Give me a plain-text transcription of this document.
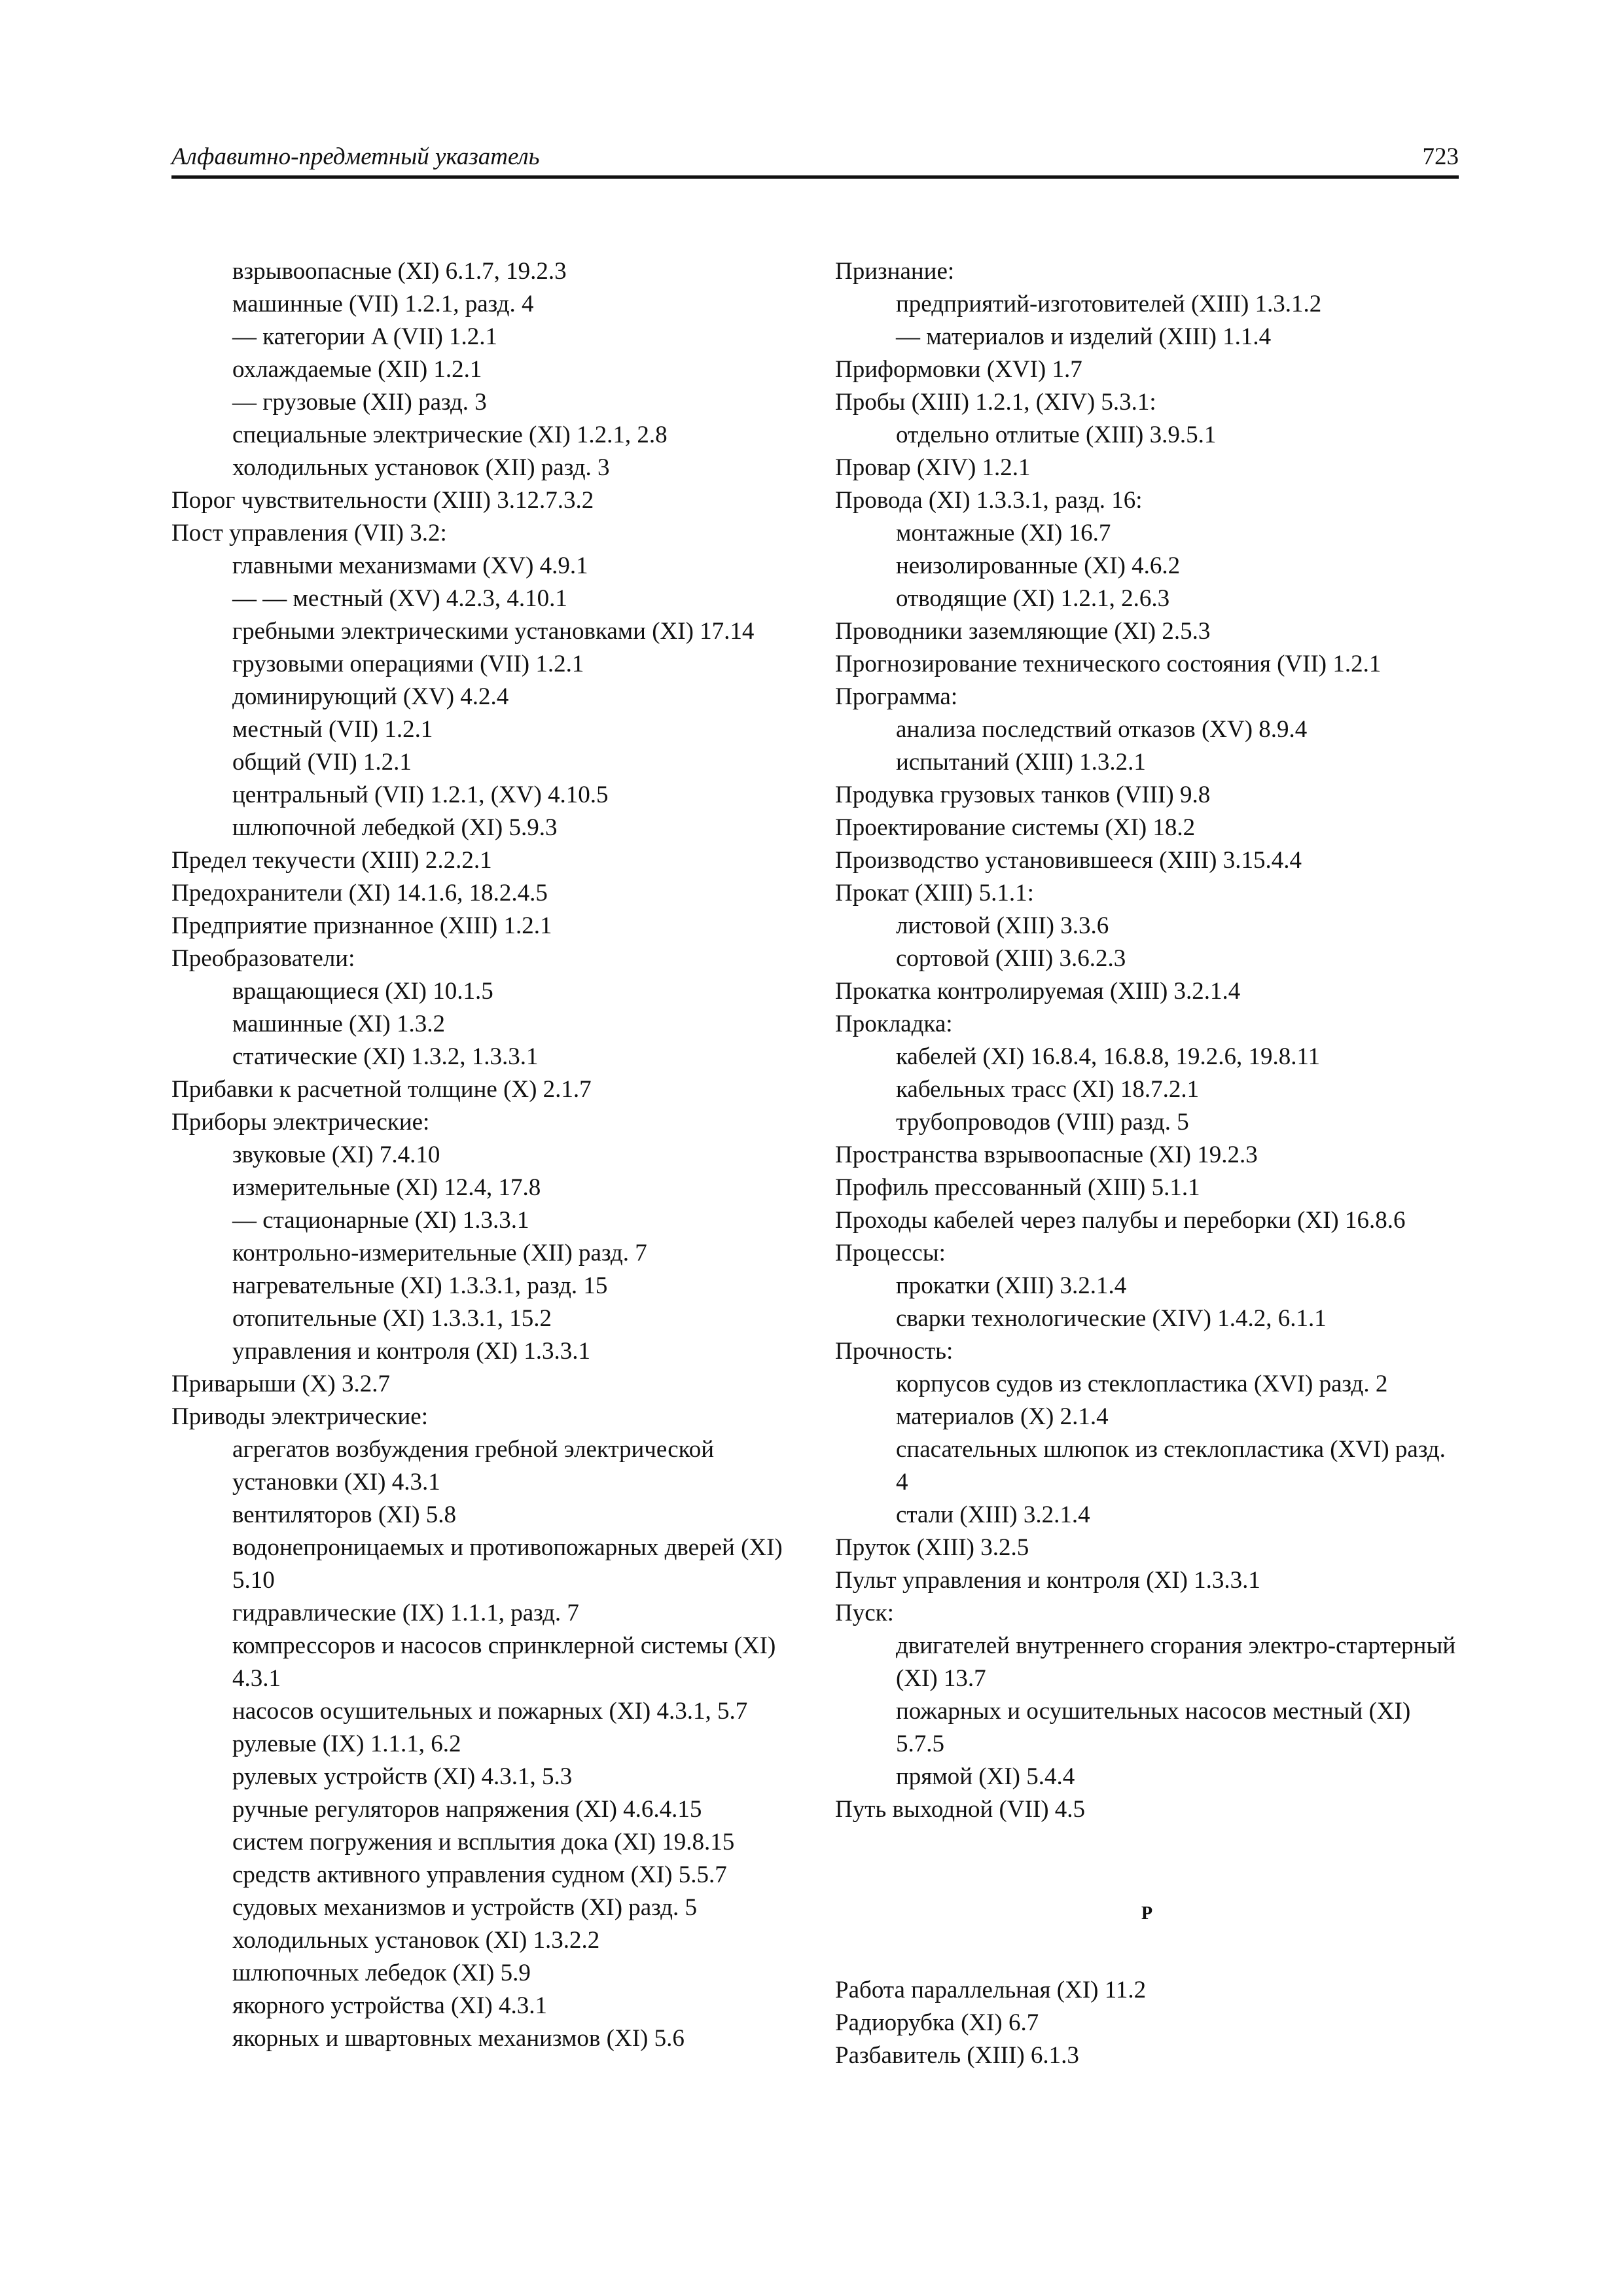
Алфавитно-предметный указатель	723

взрывоопасные (XI) 6.1.7, 19.2.3

машинные (VII) 1.2.1, разд. 4

— категории A (VII) 1.2.1

охлаждаемые (XII) 1.2.1

— грузовые (XII) разд. 3

специальные электрические (XI) 1.2.1, 2.8

холодильных установок (XII) разд. 3

Порог чувствительности (XIII) 3.12.7.3.2

Пост управления (VII) 3.2:

главными механизмами (XV) 4.9.1

— — местный (XV) 4.2.3, 4.10.1

гребными электрическими установками (XI) 17.14

грузовыми операциями (VII) 1.2.1

доминирующий (XV) 4.2.4

местный (VII) 1.2.1

общий (VII) 1.2.1

центральный (VII) 1.2.1, (XV) 4.10.5

шлюпочной лебедкой (XI) 5.9.3

Предел текучести (XIII) 2.2.2.1

Предохранители (XI) 14.1.6, 18.2.4.5

Предприятие признанное (XIII) 1.2.1

Преобразователи:

вращающиеся (XI) 10.1.5

машинные (XI) 1.3.2

статические (XI) 1.3.2, 1.3.3.1

Прибавки к расчетной толщине (X) 2.1.7

Приборы электрические:

звуковые (XI) 7.4.10

измерительные (XI) 12.4, 17.8

— стационарные (XI) 1.3.3.1

контрольно-измерительные (XII) разд. 7

нагревательные (XI) 1.3.3.1, разд. 15

отопительные (XI) 1.3.3.1, 15.2

управления и контроля (XI) 1.3.3.1

Приварыши (X) 3.2.7

Приводы электрические:

агрегатов возбуждения гребной электрической установки (XI) 4.3.1

вентиляторов (XI) 5.8

водонепроницаемых и противопожарных дверей (XI) 5.10

гидравлические (IX) 1.1.1, разд. 7

компрессоров и насосов спринклерной системы (XI) 4.3.1

насосов осушительных и пожарных (XI) 4.3.1, 5.7

рулевые (IX) 1.1.1, 6.2

рулевых устройств (XI) 4.3.1, 5.3

ручные регуляторов напряжения (XI) 4.6.4.15

систем погружения и всплытия дока (XI) 19.8.15

средств активного управления судном (XI) 5.5.7

судовых механизмов и устройств (XI) разд. 5

холодильных установок (XI) 1.3.2.2

шлюпочных лебедок (XI) 5.9

якорного устройства (XI) 4.3.1

якорных и швартовных механизмов (XI) 5.6

Признание:

предприятий-изготовителей (XIII) 1.3.1.2

— материалов и изделий (XIII) 1.1.4

Приформовки (XVI) 1.7

Пробы (XIII) 1.2.1, (XIV) 5.3.1:

отдельно отлитые (XIII) 3.9.5.1

Провар (XIV) 1.2.1

Провода (XI) 1.3.3.1, разд. 16:

монтажные (XI) 16.7

неизолированные (XI) 4.6.2

отводящие (XI) 1.2.1, 2.6.3

Проводники заземляющие (XI) 2.5.3

Прогнозирование технического состояния (VII) 1.2.1

Программа:

анализа последствий отказов (XV) 8.9.4

испытаний (XIII) 1.3.2.1

Продувка грузовых танков (VIII) 9.8

Проектирование системы (XI) 18.2

Производство установившееся (XIII) 3.15.4.4

Прокат (XIII) 5.1.1:

листовой (XIII) 3.3.6

сортовой (XIII) 3.6.2.3

Прокатка контролируемая (XIII) 3.2.1.4

Прокладка:

кабелей (XI) 16.8.4, 16.8.8, 19.2.6, 19.8.11

кабельных трасс (XI) 18.7.2.1

трубопроводов (VIII) разд. 5

Пространства взрывоопасные (XI) 19.2.3

Профиль прессованный (XIII) 5.1.1

Проходы кабелей через палубы и переборки (XI) 16.8.6

Процессы:

прокатки (XIII) 3.2.1.4

сварки технологические (XIV) 1.4.2, 6.1.1

Прочность:

корпусов судов из стеклопластика (XVI) разд. 2

материалов (X) 2.1.4

спасательных шлюпок из стеклопластика (XVI) разд. 4

стали (XIII) 3.2.1.4

Пруток (XIII) 3.2.5

Пульт управления и контроля (XI) 1.3.3.1

Пуск:

двигателей внутреннего сгорания электро-стартерный (XI) 13.7

пожарных и осушительных насосов местный (XI) 5.7.5

прямой (XI) 5.4.4

Путь выходной (VII) 4.5

Р

Работа параллельная (XI) 11.2

Радиорубка (XI) 6.7

Разбавитель (XIII) 6.1.3
